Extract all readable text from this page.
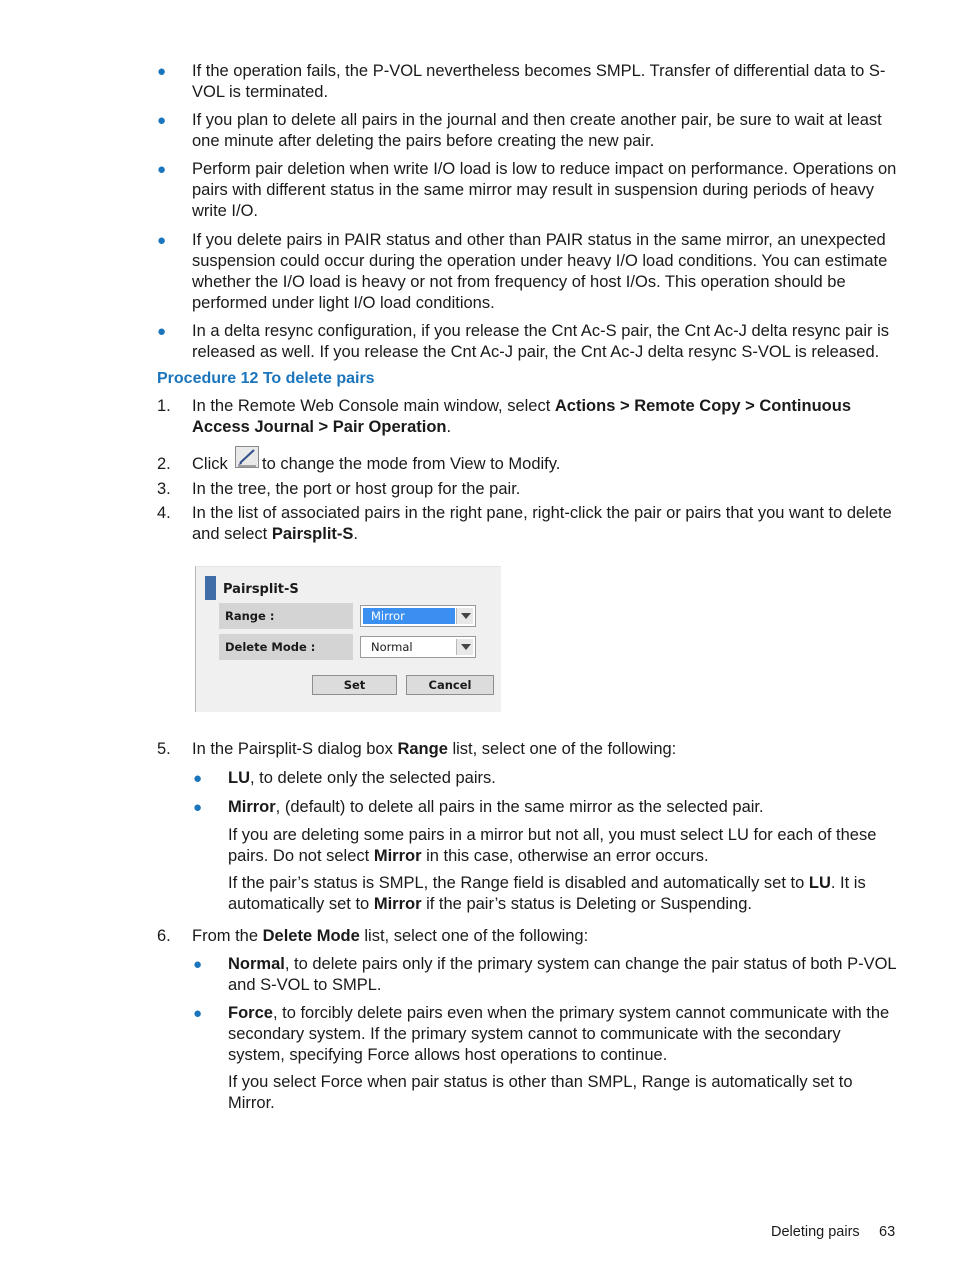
● If the operation fails, the P-VOL nevertheless becomes SMPL. Transfer of differential data to S-VOL is terminated.
● If you plan to delete all pairs in the journal and then create another pair, be sure to wait at least one minute after deleting the pairs before creating the new pair.
● Perform pair deletion when write I/O load is low to reduce impact on performance. Operations on pairs with different status in the same mirror may result in suspension during periods of heavy write I/O.
● If you delete pairs in PAIR status and other than PAIR status in the same mirror, an unexpected suspension could occur during the operation under heavy I/O load conditions. You can estimate whether the I/O load is heavy or not from frequency of host I/Os. This operation should be performed under light I/O load conditions.
● In a delta resync configuration, if you release the Cnt Ac-S pair, the Cnt Ac-J delta resync pair is released as well. If you release the Cnt Ac-J pair, the Cnt Ac-J delta resync S-VOL is released.
Procedure 12 To delete pairs
1. In the Remote Web Console main window, select Actions > Remote Copy > Continuous Access Journal > Pair Operation.
2. Click to change the mode from View to Modify.
3. In the tree, the port or host group for the pair.
4. In the list of associated pairs in the right pane, right-click the pair or pairs that you want to delete and select Pairsplit-S.
Pairsplit-S
Range :	Mirror
Delete Mode :	Normal
Set	Cancel
5. In the Pairsplit-S dialog box Range list, select one of the following:
● LU, to delete only the selected pairs.
● Mirror, (default) to delete all pairs in the same mirror as the selected pair.
If you are deleting some pairs in a mirror but not all, you must select LU for each of these pairs. Do not select Mirror in this case, otherwise an error occurs.
If the pair’s status is SMPL, the Range field is disabled and automatically set to LU. It is automatically set to Mirror if the pair’s status is Deleting or Suspending.
6. From the Delete Mode list, select one of the following:
● Normal, to delete pairs only if the primary system can change the pair status of both P-VOL and S-VOL to SMPL.
● Force, to forcibly delete pairs even when the primary system cannot communicate with the secondary system. If the primary system cannot to communicate with the secondary system, specifying Force allows host operations to continue.
If you select Force when pair status is other than SMPL, Range is automatically set to Mirror.
Deleting pairs 63
